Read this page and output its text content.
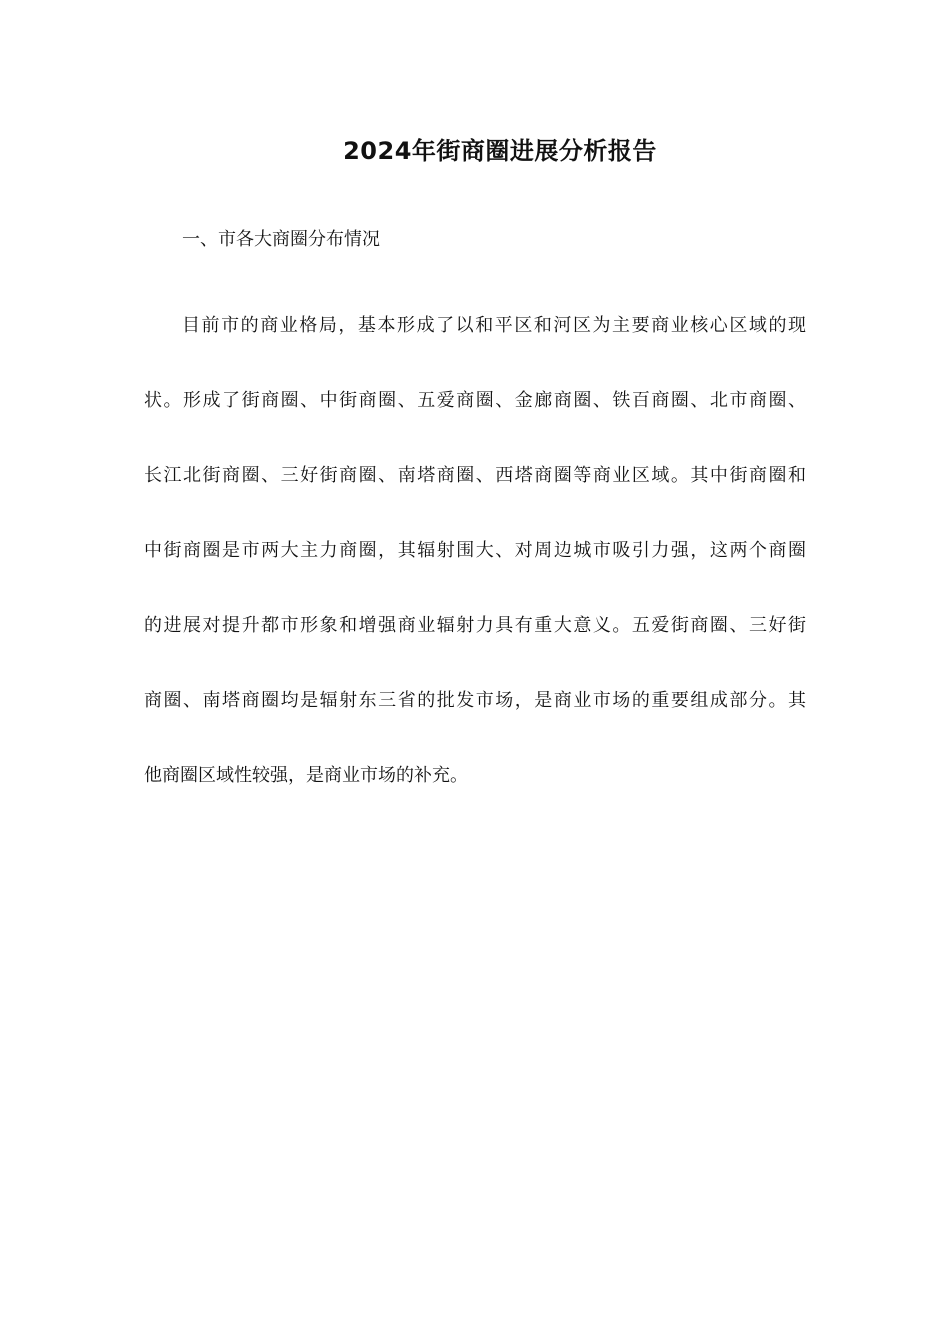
2024年街商圈进展分析报告

一、市各大商圈分布情况

目前市的商业格局，基本形成了以和平区和河区为主要商业核心区域的现
状。形成了街商圈、中街商圈、五爱商圈、金廊商圈、铁百商圈、北市商圈、
长江北街商圈、三好街商圈、南塔商圈、西塔商圈等商业区域。其中街商圈和
中街商圈是市两大主力商圈，其辐射围大、对周边城市吸引力强，这两个商圈
的进展对提升都市形象和增强商业辐射力具有重大意义。五爱街商圈、三好街
商圈、南塔商圈均是辐射东三省的批发市场，是商业市场的重要组成部分。其
他商圈区域性较强，是商业市场的补充。
